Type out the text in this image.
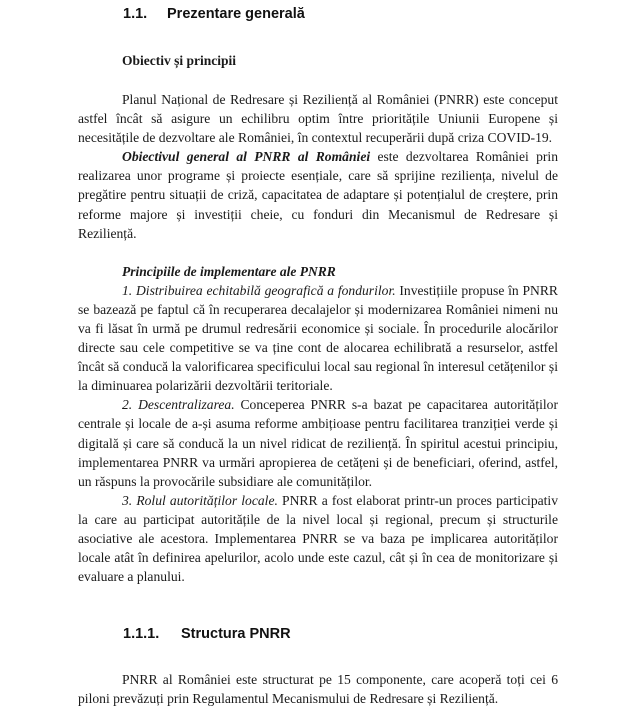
1.1.	Prezentare generală
Obiectiv și principii

Planul Național de Redresare și Reziliență al României (PNRR) este conceput astfel încât să asigure un echilibru optim între prioritățile Uniunii Europene și necesitățile de dezvoltare ale României, în contextul recuperării după criza COVID-19.

Obiectivul general al PNRR al României este dezvoltarea României prin realizarea unor programe și proiecte esențiale, care să sprijine reziliența, nivelul de pregătire pentru situații de criză, capacitatea de adaptare și potențialul de creștere, prin reforme majore și investiții cheie, cu fonduri din Mecanismul de Redresare și Reziliență.

Principiile de implementare ale PNRR

1. Distribuirea echitabilă geografică a fondurilor. Investițiile propuse în PNRR se bazează pe faptul că în recuperarea decalajelor și modernizarea României nimeni nu va fi lăsat în urmă pe drumul redresării economice și sociale. În procedurile alocărilor directe sau cele competitive se va ține cont de alocarea echilibrată a resurselor, astfel încât să conducă la valorificarea specificului local sau regional în interesul cetățenilor și la diminuarea polarizării dezvoltării teritoriale.

2. Descentralizarea. Conceperea PNRR s-a bazat pe capacitarea autorităților centrale și locale de a-și asuma reforme ambițioase pentru facilitarea tranziției verde și digitală și care să conducă la un nivel ridicat de reziliență. În spiritul acestui principiu, implementarea PNRR va urmări apropierea de cetățeni și de beneficiari, oferind, astfel, un răspuns la provocările subsidiare ale comunităților.

3. Rolul autorităților locale. PNRR a fost elaborat printr-un proces participativ la care au participat autoritățile de la nivel local și regional, precum și structurile asociative ale acestora. Implementarea PNRR se va baza pe implicarea autorităților locale atât în definirea apelurilor, acolo unde este cazul, cât și în cea de monitorizare și evaluare a planului.

1.1.1.	Structura PNRR

PNRR al României este structurat pe 15 componente, care acoperă toți cei 6 piloni prevăzuți prin Regulamentul Mecanismului de Redresare și Reziliență.
